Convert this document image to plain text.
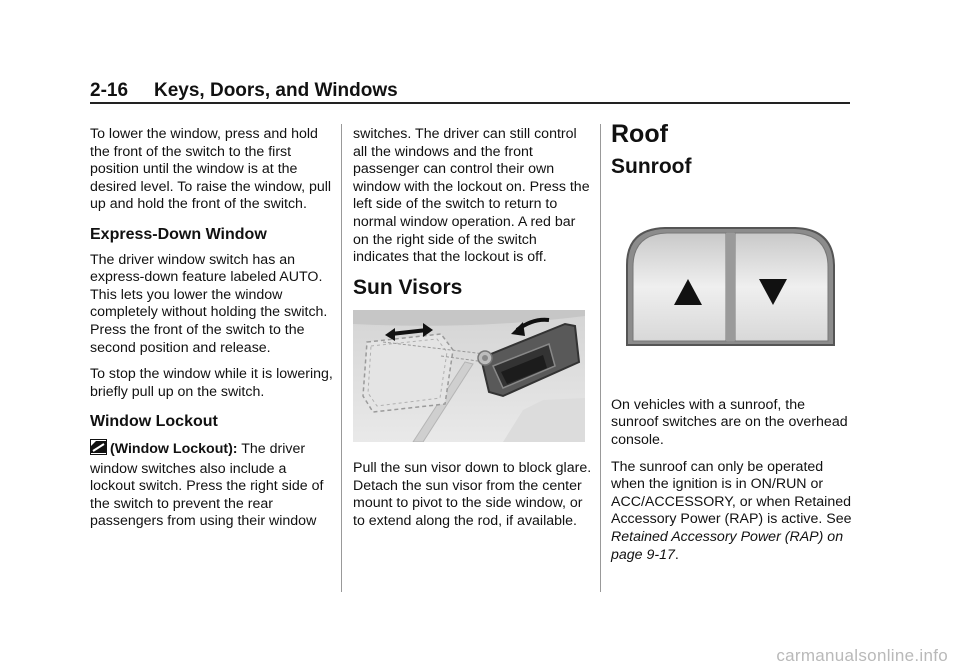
2-16 Keys, Doors, and Windows

To lower the window, press and hold the front of the switch to the first position until the window is at the desired level. To raise the window, pull up and hold the front of the switch.

Express-Down Window

The driver window switch has an express-down feature labeled AUTO. This lets you lower the window completely without holding the switch. Press the front of the switch to the second position and release.

To stop the window while it is lowering, briefly pull up on the switch.

Window Lockout

(Window Lockout): The driver window switches also include a lockout switch. Press the right side of the switch to prevent the rear passengers from using their window

switches. The driver can still control all the windows and the front passenger can control their own window with the lockout on. Press the left side of the switch to return to normal window operation. A red bar on the right side of the switch indicates that the lockout is off.

Sun Visors

Pull the sun visor down to block glare. Detach the sun visor from the center mount to pivot to the side window, or to extend along the rod, if available.

Roof
Sunroof

On vehicles with a sunroof, the sunroof switches are on the overhead console.

The sunroof can only be operated when the ignition is in ON/RUN or ACC/ACCESSORY, or when Retained Accessory Power (RAP) is active. See Retained Accessory Power (RAP) on page 9-17.

carmanualsonline.info
